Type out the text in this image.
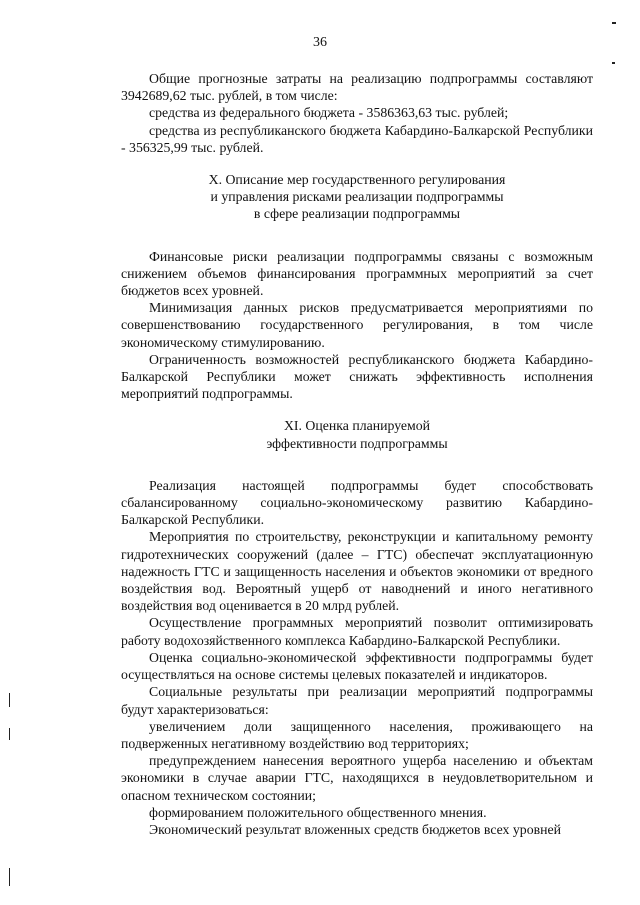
36

Общие прогнозные затраты на реализацию подпрограммы составляют 3942689,62 тыс. рублей, в том числе:

средства из федерального бюджета - 3586363,63 тыс. рублей;

средства из республиканского бюджета Кабардино-Балкарской Республики - 356325,99 тыс. рублей.

X. Описание мер государственного регулирования
и управления рисками реализации подпрограммы
в сфере реализации подпрограммы

Финансовые риски реализации подпрограммы связаны с возможным снижением объемов финансирования программных мероприятий за счет бюджетов всех уровней.

Минимизация данных рисков предусматривается мероприятиями по совершенствованию государственного регулирования, в том числе экономическому стимулированию.

Ограниченность возможностей республиканского бюджета Кабардино-Балкарской Республики может снижать эффективность исполнения мероприятий подпрограммы.

XI. Оценка планируемой
эффективности подпрограммы

Реализация настоящей подпрограммы будет способствовать сбалансированному социально-экономическому развитию Кабардино-Балкарской Республики.

Мероприятия по строительству, реконструкции и капитальному ремонту гидротехнических сооружений (далее – ГТС) обеспечат эксплуатационную надежность ГТС и защищенность населения и объектов экономики от вредного воздействия вод. Вероятный ущерб от наводнений и иного негативного воздействия вод оценивается в 20 млрд рублей.

Осуществление программных мероприятий позволит оптимизировать работу водохозяйственного комплекса Кабардино-Балкарской Республики.

Оценка социально-экономической эффективности подпрограммы будет осуществляться на основе системы целевых показателей и индикаторов.

Социальные результаты при реализации мероприятий подпрограммы будут характеризоваться:

увеличением доли защищенного населения, проживающего на подверженных негативному воздействию вод территориях;

предупреждением нанесения вероятного ущерба населению и объектам экономики в случае аварии ГТС, находящихся в неудовлетворительном и опасном техническом состоянии;

формированием положительного общественного мнения.

Экономический результат вложенных средств бюджетов всех уровней
